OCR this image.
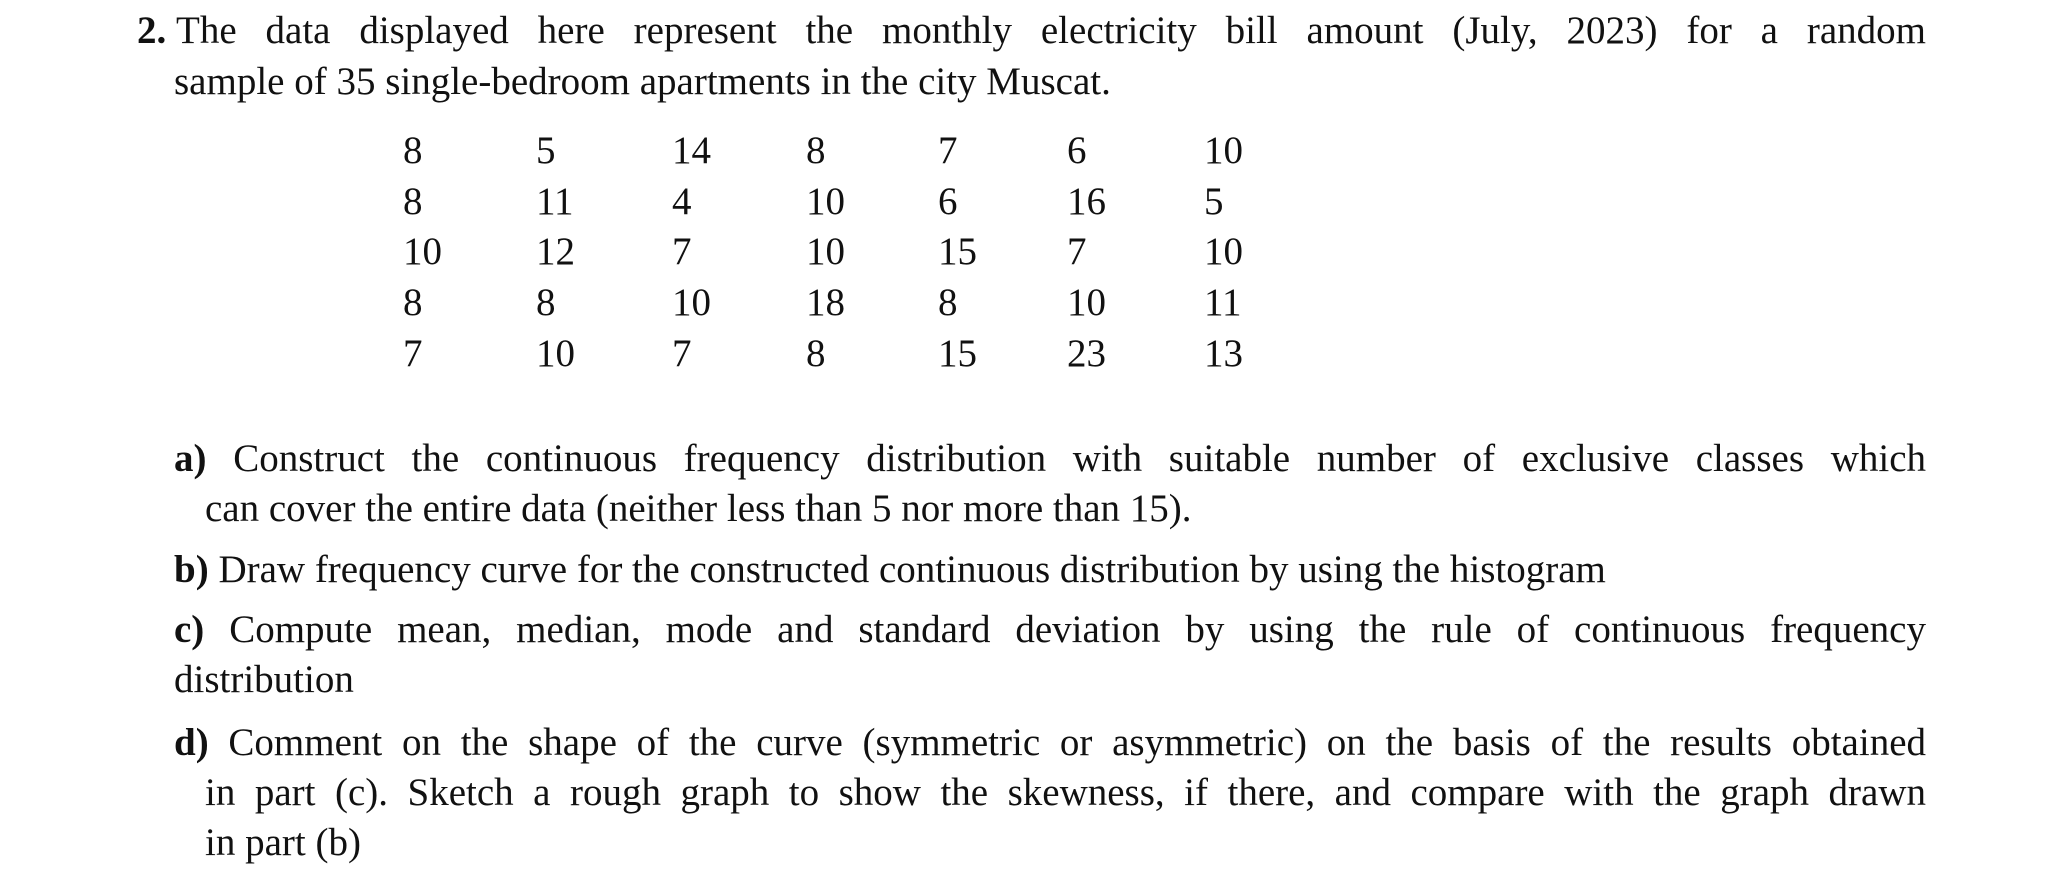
2. The data displayed here represent the monthly electricity bill amount (July, 2023) for a random
sample of 35 single-bedroom apartments in the city Muscat.
8	5	14 8	7	6	10
8	11	4	10 6	16	5
10 12 7	10 15 7	10
8	8	10 18 8	10	11
7	10 7	8	15 23	13
a) Construct the continuous frequency distribution with suitable number of exclusive classes which
can cover the entire data (neither less than 5 nor more than 15).
b) Draw frequency curve for the constructed continuous distribution by using the histogram
c) Compute mean, median, mode and standard deviation by using the rule of continuous frequency
distribution
d) Comment on the shape of the curve (symmetric or asymmetric) on the basis of the results obtained
in part (c). Sketch a rough graph to show the skewness, if there, and compare with the graph drawn
in part (b)
